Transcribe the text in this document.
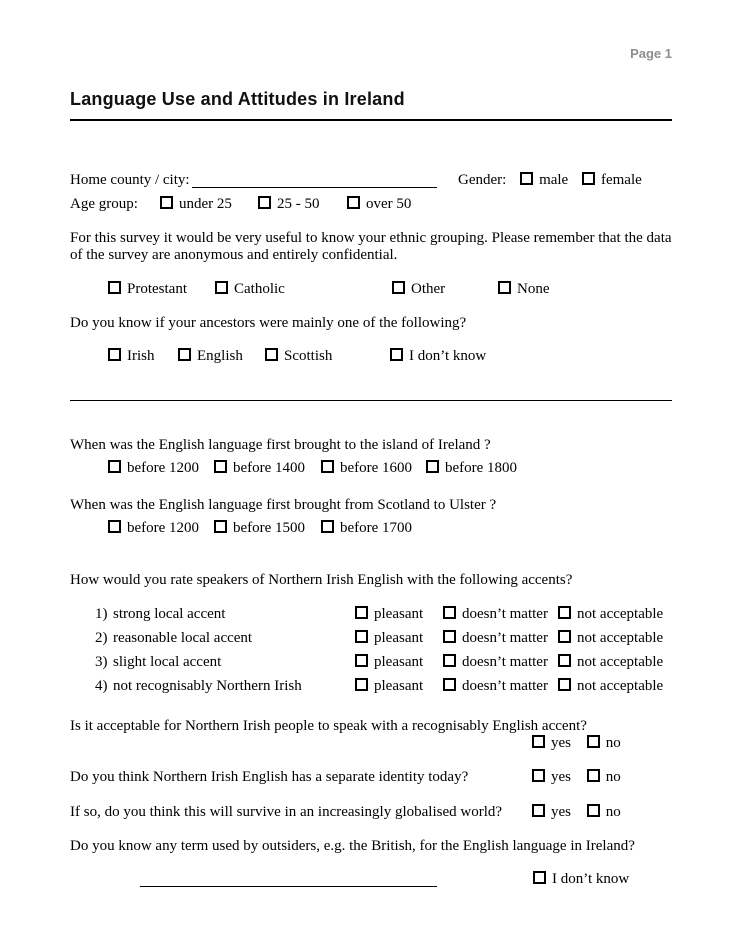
Page 1
Language Use and Attitudes in Ireland
Home county / city:	Gender: male female
Age group:	under 25	25 - 50	over 50
For this survey it would be very useful to know your ethnic grouping. Please remember that the data of the survey are anonymous and entirely confidential.
Protestant	Catholic	Other	None
Do you know if your ancestors were mainly one of the following?
Irish	English	Scottish	I don’t know
When was the English language first brought to the island of Ireland ?
before 1200	before 1400	before 1600	before 1800
When was the English language first brought from Scotland to Ulster ?
before 1200	before 1500	before 1700
How would you rate speakers of Northern Irish English with the following accents?
1) strong local accent	pleasant	doesn’t matter	not acceptable
2) reasonable local accent	pleasant	doesn’t matter	not acceptable
3) slight local accent	pleasant	doesn’t matter	not acceptable
4) not recognisably Northern Irish	pleasant	doesn’t matter	not acceptable
Is it acceptable for Northern Irish people to speak with a recognisably English accent?
yes no
Do you think Northern Irish English has a separate identity today?	yes no
If so, do you think this will survive in an increasingly globalised world?	yes no
Do you know any term used by outsiders, e.g. the British, for the English language in Ireland?
I don’t know
